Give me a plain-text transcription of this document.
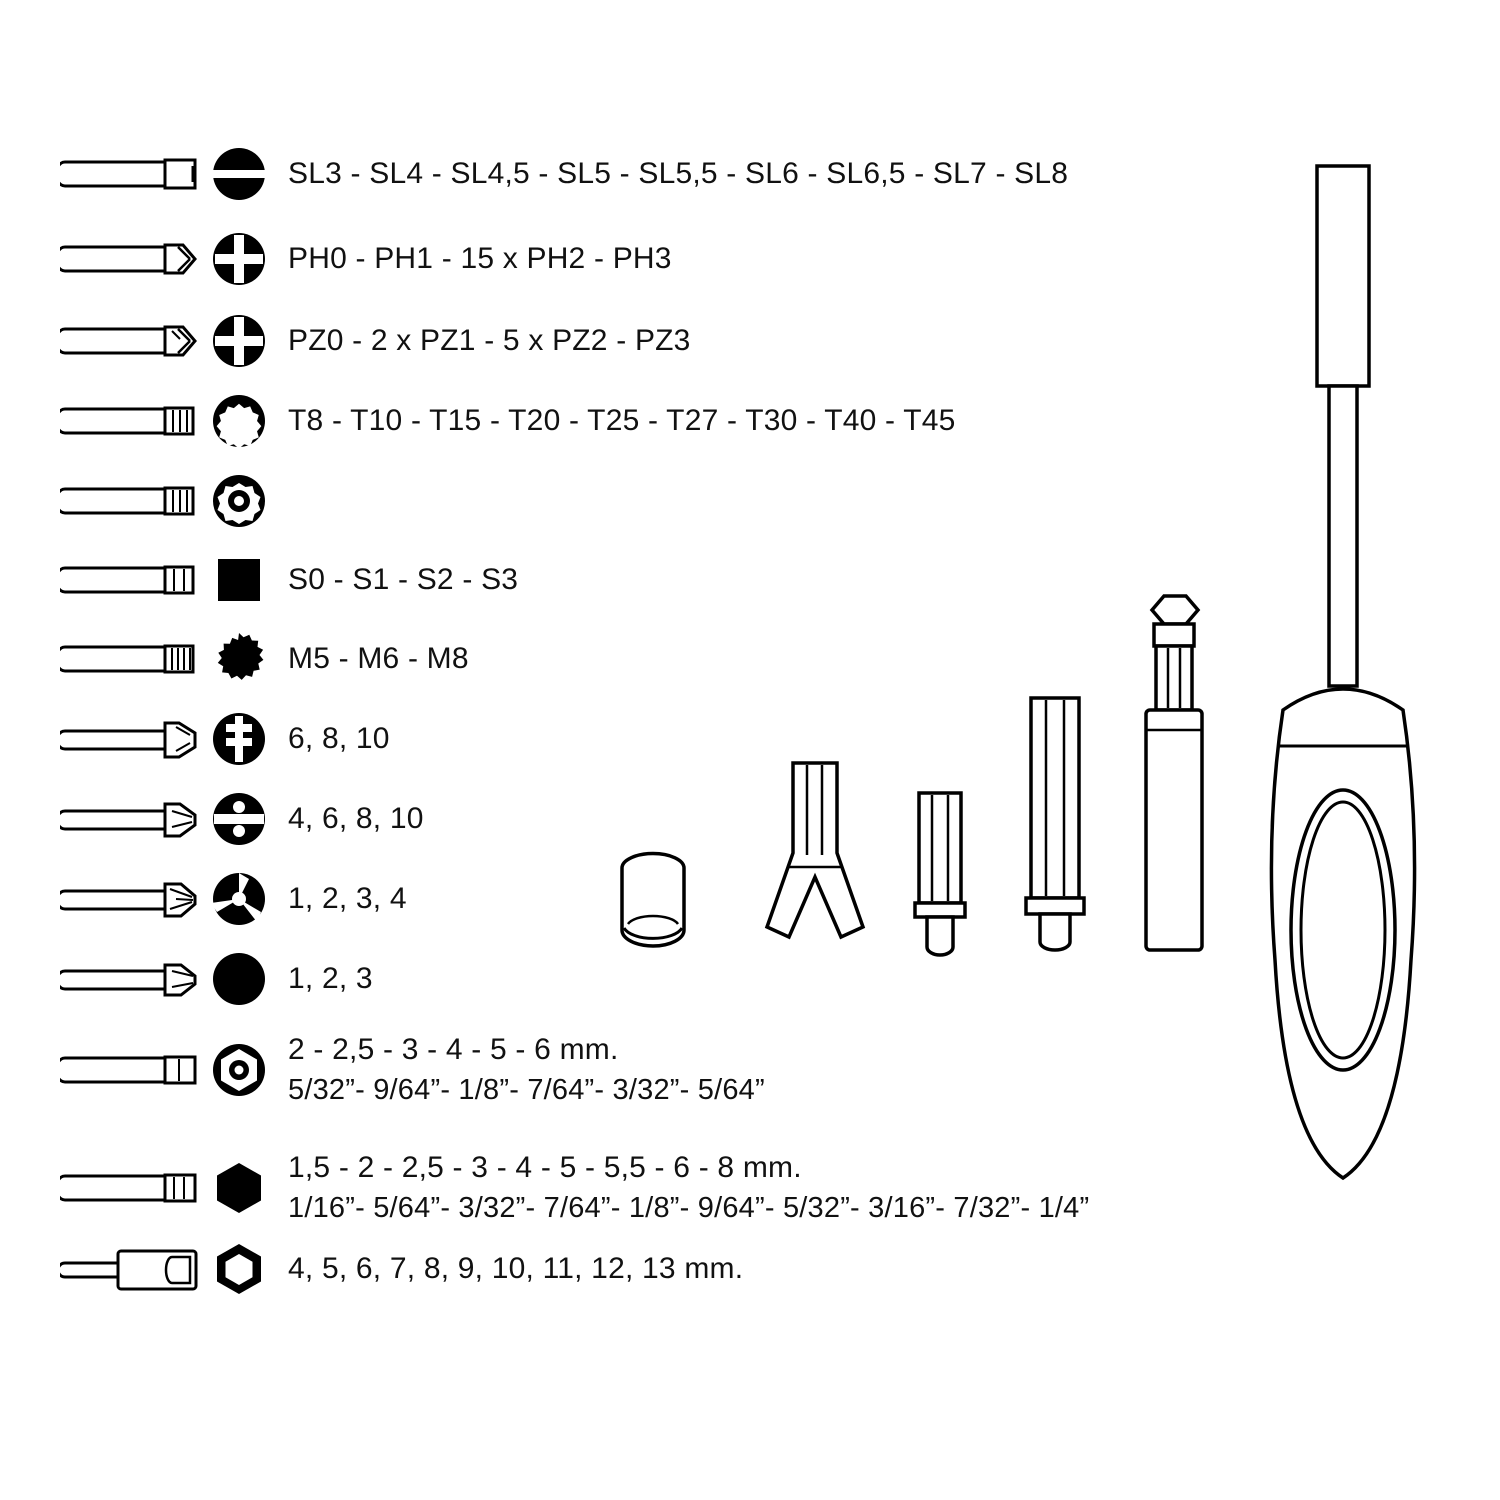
SL3 - SL4 - SL4,5 - SL5 - SL5,5 - SL6 - SL6,5 - SL7 - SL8
PH0 - PH1 - 15 x PH2 - PH3
PZ0 - 2 x PZ1 - 5 x PZ2 - PZ3
T8 - T10 - T15 - T20 - T25 - T27 - T30 - T40 - T45
S0 - S1 - S2 - S3
M5 - M6 - M8
6, 8, 10
4, 6, 8, 10
1, 2, 3, 4
1, 2, 3
2 - 2,5 - 3 - 4 - 5 - 6 mm.
5/32”- 9/64”- 1/8”- 7/64”- 3/32”- 5/64”
1,5 - 2 - 2,5 - 3 - 4 - 5 - 5,5 - 6 - 8 mm.
1/16”- 5/64”- 3/32”- 7/64”- 1/8”- 9/64”- 5/32”- 3/16”- 7/32”- 1/4”
4, 5, 6, 7, 8, 9, 10, 11, 12, 13 mm.
